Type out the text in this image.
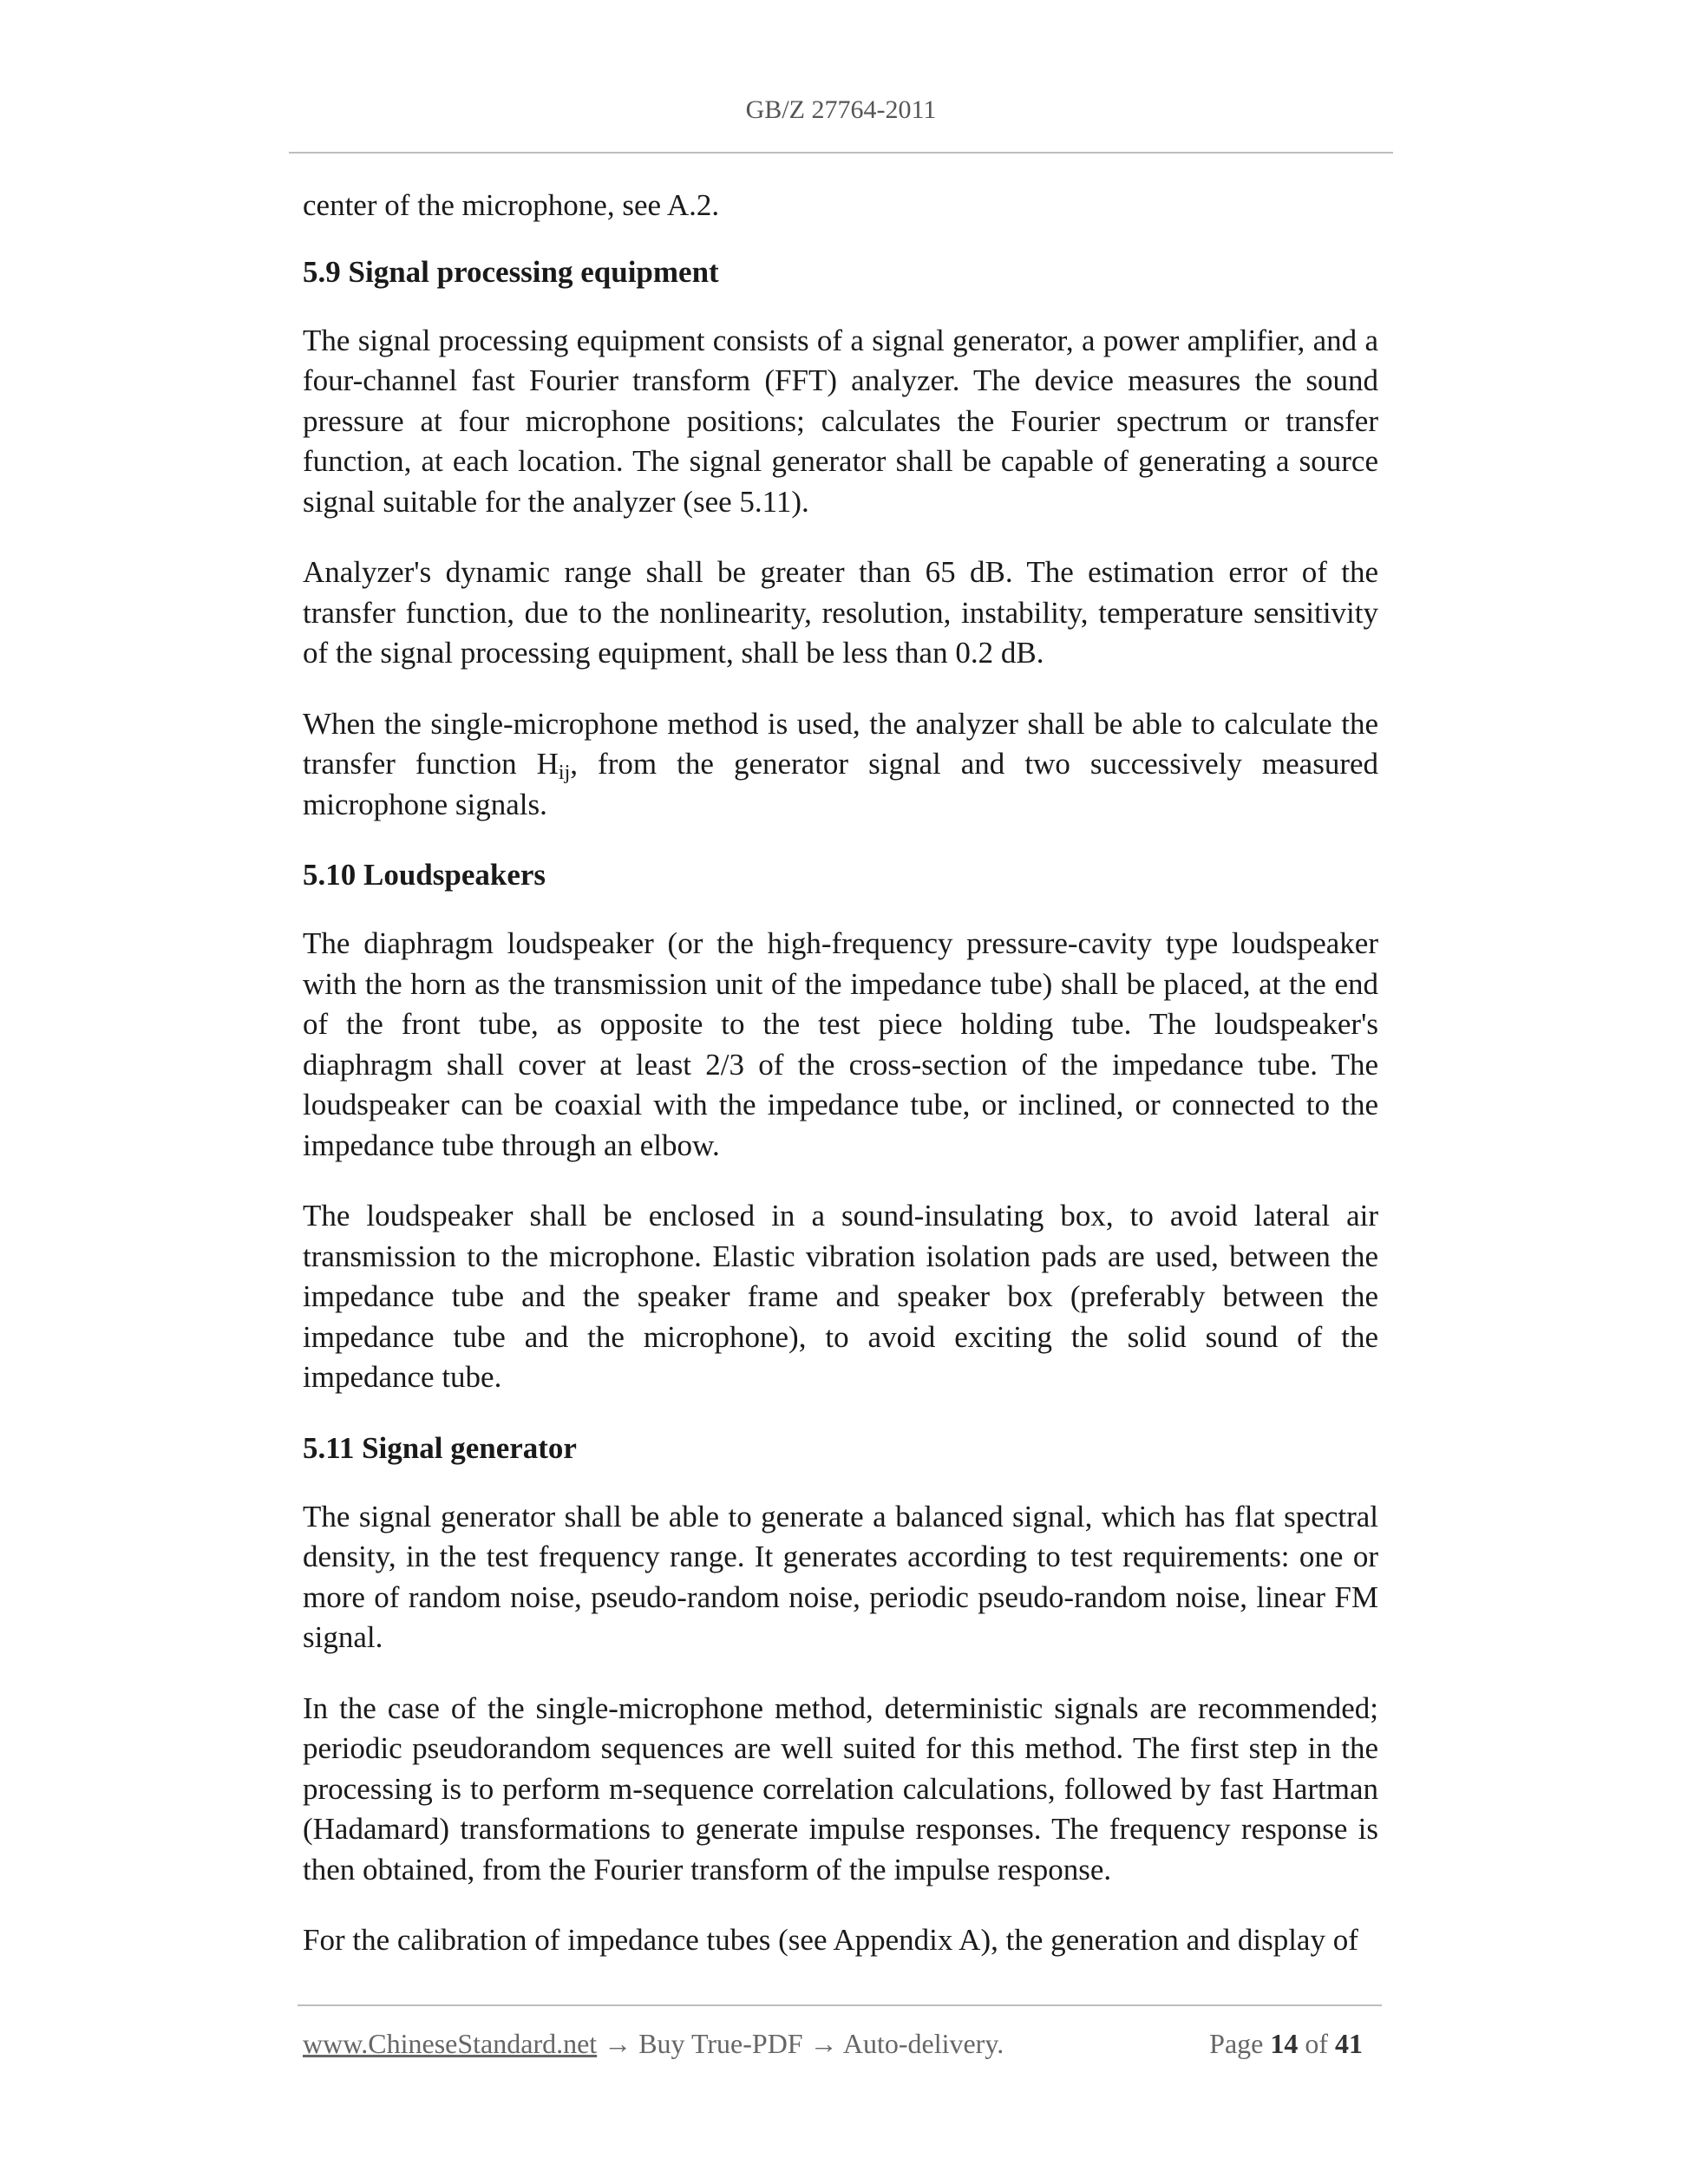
GB/Z 27764-2011

center of the microphone, see A.2.

5.9 Signal processing equipment

The signal processing equipment consists of a signal generator, a power amplifier, and a four-channel fast Fourier transform (FFT) analyzer. The device measures the sound pressure at four microphone positions; calculates the Fourier spectrum or transfer function, at each location. The signal generator shall be capable of generating a source signal suitable for the analyzer (see 5.11).

Analyzer's dynamic range shall be greater than 65 dB. The estimation error of the transfer function, due to the nonlinearity, resolution, instability, temperature sensitivity of the signal processing equipment, shall be less than 0.2 dB.

When the single-microphone method is used, the analyzer shall be able to calculate the transfer function $H_{ij}$, from the generator signal and two successively measured microphone signals.

5.10 Loudspeakers

The diaphragm loudspeaker (or the high-frequency pressure-cavity type loudspeaker with the horn as the transmission unit of the impedance tube) shall be placed, at the end of the front tube, as opposite to the test piece holding tube. The loudspeaker's diaphragm shall cover at least 2/3 of the cross-section of the impedance tube. The loudspeaker can be coaxial with the impedance tube, or inclined, or connected to the impedance tube through an elbow.

The loudspeaker shall be enclosed in a sound-insulating box, to avoid lateral air transmission to the microphone. Elastic vibration isolation pads are used, between the impedance tube and the speaker frame and speaker box (preferably between the impedance tube and the microphone), to avoid exciting the solid sound of the impedance tube.

5.11 Signal generator

The signal generator shall be able to generate a balanced signal, which has flat spectral density, in the test frequency range. It generates according to test requirements: one or more of random noise, pseudo-random noise, periodic pseudo-random noise, linear FM signal.

In the case of the single-microphone method, deterministic signals are recommended; periodic pseudorandom sequences are well suited for this method. The first step in the processing is to perform m-sequence correlation calculations, followed by fast Hartman (Hadamard) transformations to generate impulse responses. The frequency response is then obtained, from the Fourier transform of the impulse response.

For the calibration of impedance tubes (see Appendix A), the generation and display of

www.ChineseStandard.net → Buy True-PDF → Auto-delivery.	Page 14 of 41
